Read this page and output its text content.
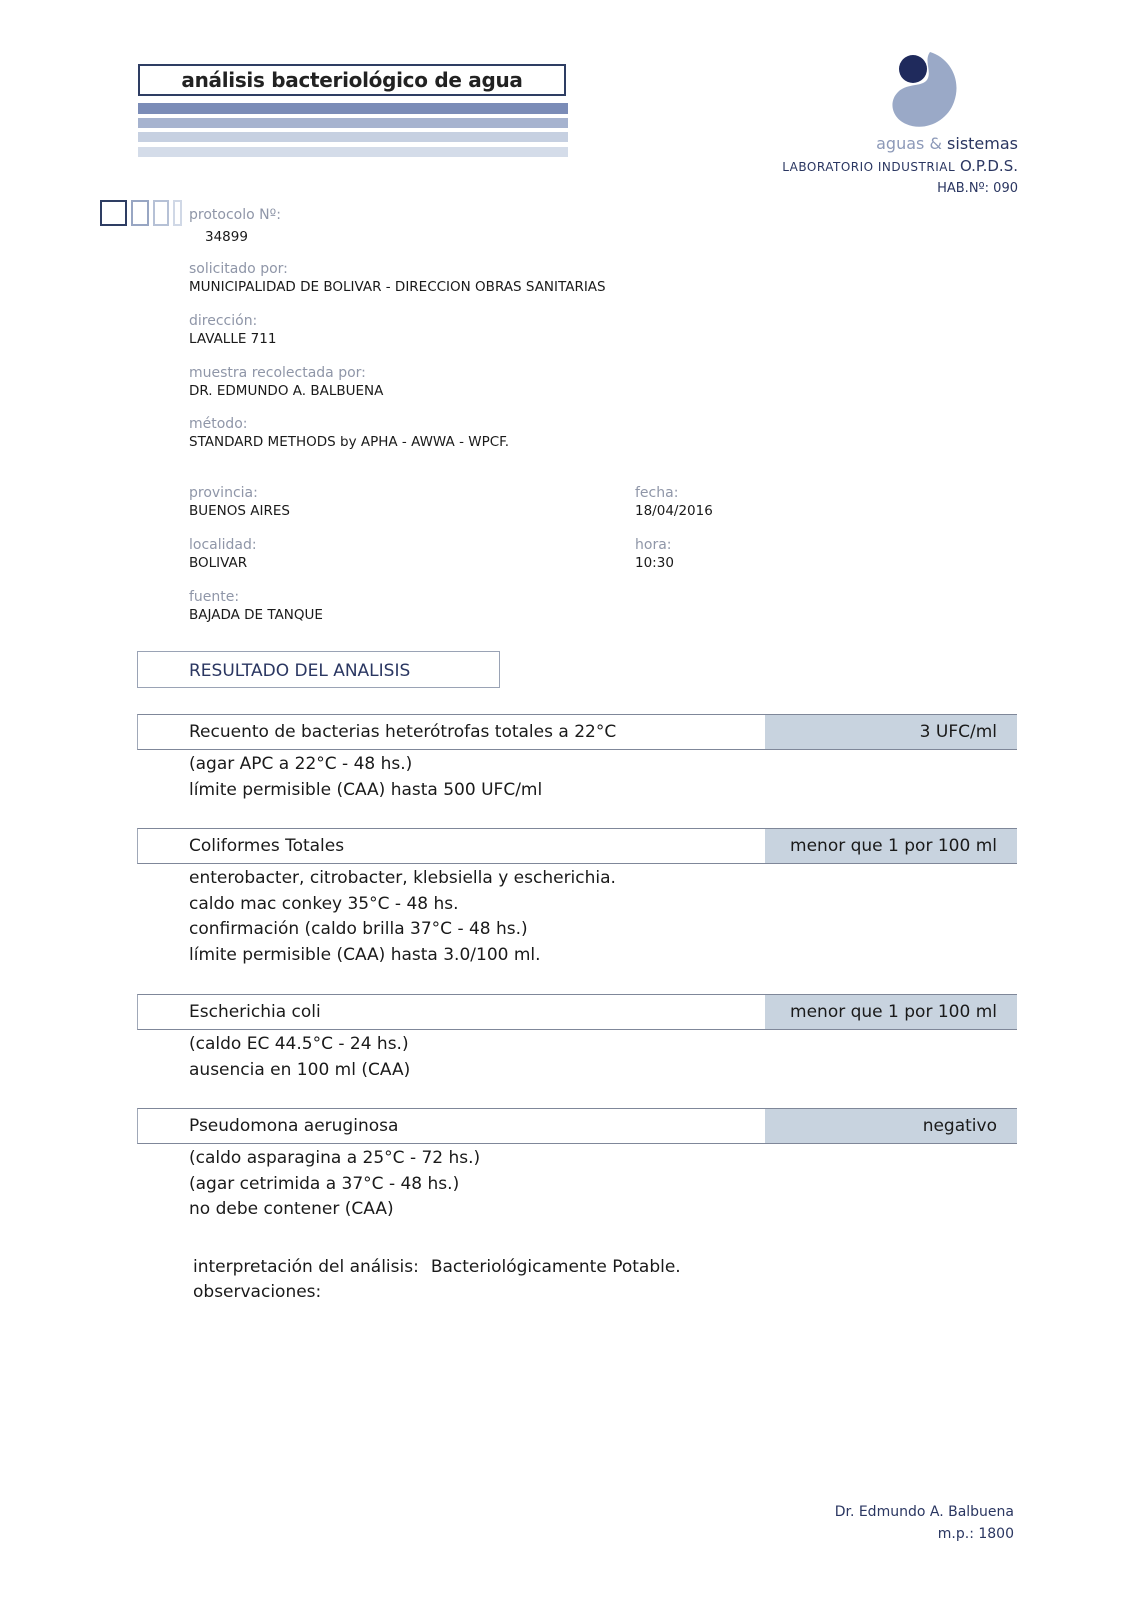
análisis bacteriológico de agua
aguas & sistemas
LABORATORIO INDUSTRIAL O.P.D.S.
HAB.Nº: 090
protocolo Nº:
34899
solicitado por:
MUNICIPALIDAD DE BOLIVAR - DIRECCION OBRAS SANITARIAS
dirección:
LAVALLE 711
muestra recolectada por:
DR. EDMUNDO A. BALBUENA
método:
STANDARD METHODS by APHA - AWWA - WPCF.
provincia:
BUENOS AIRES
localidad:
BOLIVAR
fuente:
BAJADA DE TANQUE
fecha:
18/04/2016
hora:
10:30
RESULTADO DEL ANALISIS
Recuento de bacterias heterótrofas totales a 22°C	3 UFC/ml
(agar APC a 22°C - 48 hs.)
límite permisible (CAA) hasta 500 UFC/ml
Coliformes Totales	menor que 1 por 100 ml
enterobacter, citrobacter, klebsiella y escherichia.
caldo mac conkey 35°C - 48 hs.
confirmación (caldo brilla 37°C - 48 hs.)
límite permisible (CAA) hasta 3.0/100 ml.
Escherichia coli	menor que 1 por 100 ml
(caldo EC 44.5°C - 24 hs.)
ausencia en 100 ml (CAA)
Pseudomona aeruginosa	negativo
(caldo asparagina a 25°C - 72 hs.)
(agar cetrimida a 37°C - 48 hs.)
no debe contener (CAA)
interpretación del análisis: Bacteriológicamente Potable.
observaciones:
Dr. Edmundo A. Balbuena
m.p.: 1800
